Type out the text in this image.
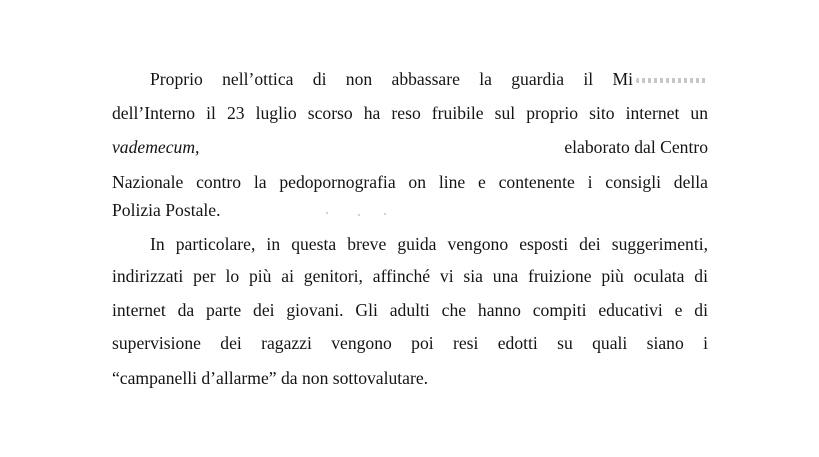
Proprio nell’ottica di non abbassare la guardia il Mi
dell’Interno il 23 luglio scorso ha reso fruibile sul proprio sito internet un
vademecum,	elaborato dal Centro
Nazionale contro la pedopornografia on line e contenente i consigli della
Polizia Postale.
In particolare, in questa breve guida vengono esposti dei suggerimenti,
indirizzati per lo più ai genitori, affinché vi sia una fruizione più oculata di
internet da parte dei giovani. Gli adulti che hanno compiti educativi e di
supervisione dei ragazzi vengono poi resi edotti su quali siano i
“campanelli d’allarme” da non sottovalutare.
